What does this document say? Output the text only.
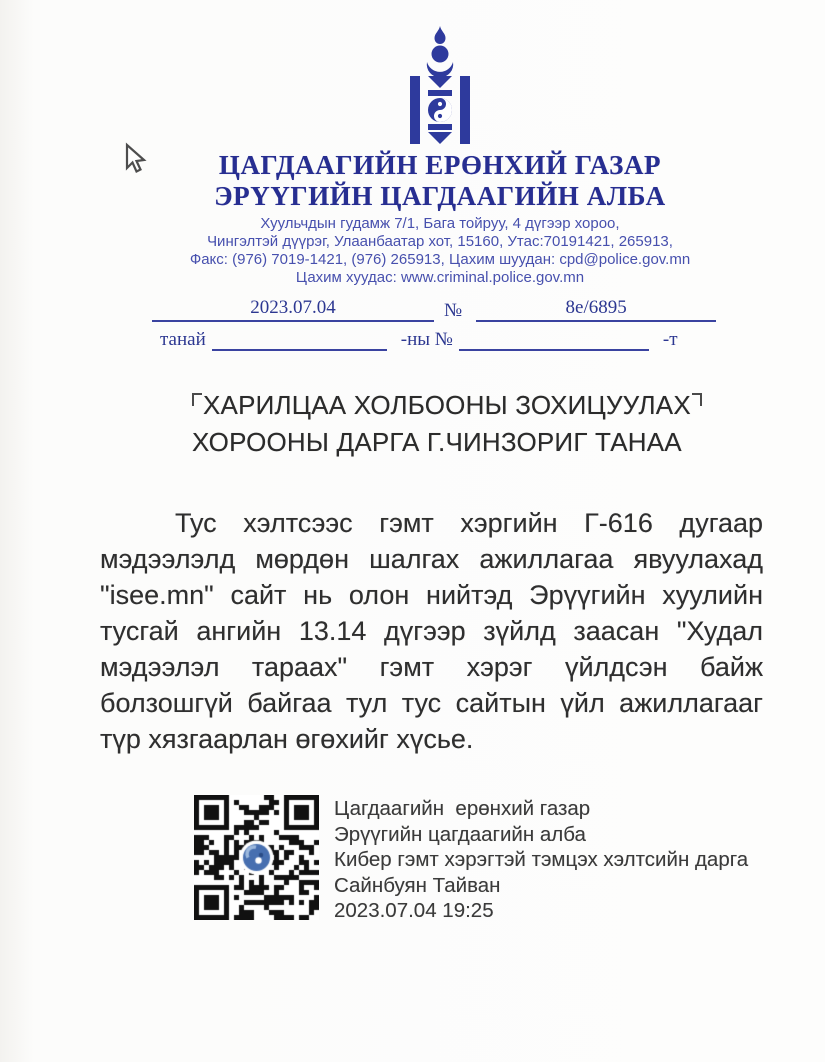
ЦАГДААГИЙН ЕРӨНХИЙ ГАЗАР
ЭРҮҮГИЙН ЦАГДААГИЙН АЛБА
Хуульчдын гудамж 7/1, Бага тойруу, 4 дүгээр хороо,
Чингэлтэй дүүрэг, Улаанбаатар хот, 15160, Утас:70191421, 265913,
Факс: (976) 7019-1421, (976) 265913, Цахим шуудан: cpd@police.gov.mn
Цахим хуудас: www.criminal.police.gov.mn
2023.07.04	№	8е/6895
танай	-ны №	-т
ХАРИЛЦАА ХОЛБООНЫ ЗОХИЦУУЛАХ
ХОРООНЫ ДАРГА Г.ЧИНЗОРИГ ТАНАА

Тус хэлтсээс гэмт хэргийн Г-616 дугаар мэдээлэлд мөрдөн шалгах ажиллагаа явуулахад "isee.mn" сайт нь олон нийтэд Эрүүгийн хуулийн тусгай ангийн 13.14 дүгээр зүйлд заасан "Худал мэдээлэл тараах" гэмт хэрэг үйлдсэн байж болзошгүй байгаа тул тус сайтын үйл ажиллагааг түр хязгаарлан өгөхийг хүсье.

Цагдаагийн  ерөнхий газар
Эрүүгийн цагдаагийн алба
Кибер гэмт хэрэгтэй тэмцэх хэлтсийн дарга
Сайнбуян Тайван
2023.07.04 19:25
